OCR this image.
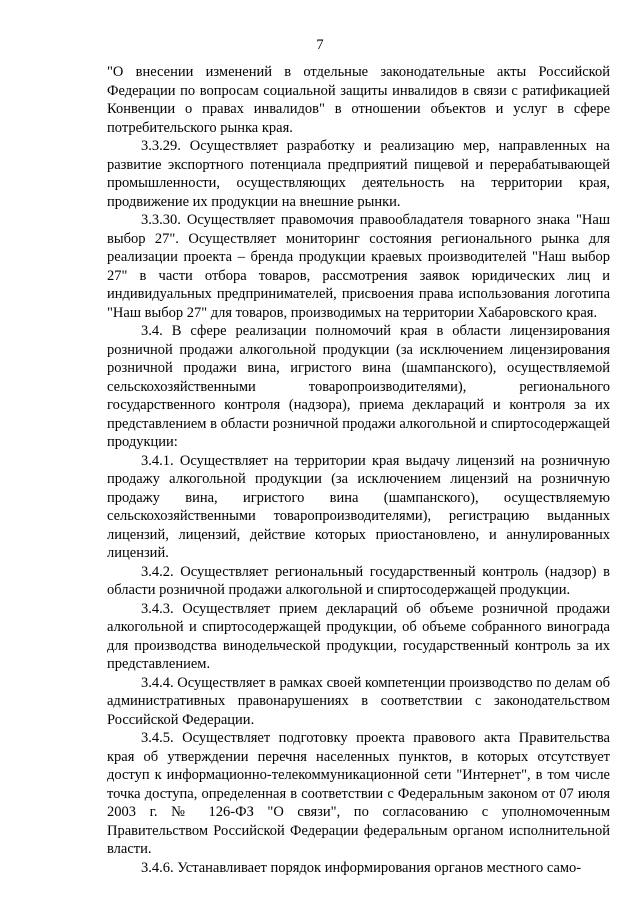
7

"О внесении изменений в отдельные законодательные акты Российской Федерации по вопросам социальной защиты инвалидов в связи с ратификацией Конвенции о правах инвалидов" в отношении объектов и услуг в сфере потребительского рынка края.

3.3.29. Осуществляет разработку и реализацию мер, направленных на развитие экспортного потенциала предприятий пищевой и перерабатывающей промышленности, осуществляющих деятельность на территории края, продвижение их продукции на внешние рынки.

3.3.30. Осуществляет правомочия правообладателя товарного знака "Наш выбор 27". Осуществляет мониторинг состояния регионального рынка для реализации проекта – бренда продукции краевых производителей "Наш выбор 27" в части отбора товаров, рассмотрения заявок юридических лиц и индивидуальных предпринимателей, присвоения права использования логотипа "Наш выбор 27" для товаров, производимых на территории Хабаровского края.

3.4. В сфере реализации полномочий края в области лицензирования розничной продажи алкогольной продукции (за исключением лицензирования розничной продажи вина, игристого вина (шампанского), осуществляемой сельскохозяйственными товаропроизводителями), регионального государственного контроля (надзора), приема деклараций и контроля за их представлением в области розничной продажи алкогольной и спиртосодержащей продукции:

3.4.1. Осуществляет на территории края выдачу лицензий на розничную продажу алкогольной продукции (за исключением лицензий на розничную продажу вина, игристого вина (шампанского), осуществляемую сельскохозяйственными товаропроизводителями), регистрацию выданных лицензий, лицензий, действие которых приостановлено, и аннулированных лицензий.

3.4.2. Осуществляет региональный государственный контроль (надзор) в области розничной продажи алкогольной и спиртосодержащей продукции.

3.4.3. Осуществляет прием деклараций об объеме розничной продажи алкогольной и спиртосодержащей продукции, об объеме собранного винограда для производства винодельческой продукции, государственный контроль за их представлением.

3.4.4. Осуществляет в рамках своей компетенции производство по делам об административных правонарушениях в соответствии с законодательством Российской Федерации.

3.4.5. Осуществляет подготовку проекта правового акта Правительства края об утверждении перечня населенных пунктов, в которых отсутствует доступ к информационно-телекоммуникационной сети "Интернет", в том числе точка доступа, определенная в соответствии с Федеральным законом от 07 июля 2003 г. № 126-ФЗ "О связи", по согласованию с уполномоченным Правительством Российской Федерации федеральным органом исполнительной власти.

3.4.6. Устанавливает порядок информирования органов местного само-
